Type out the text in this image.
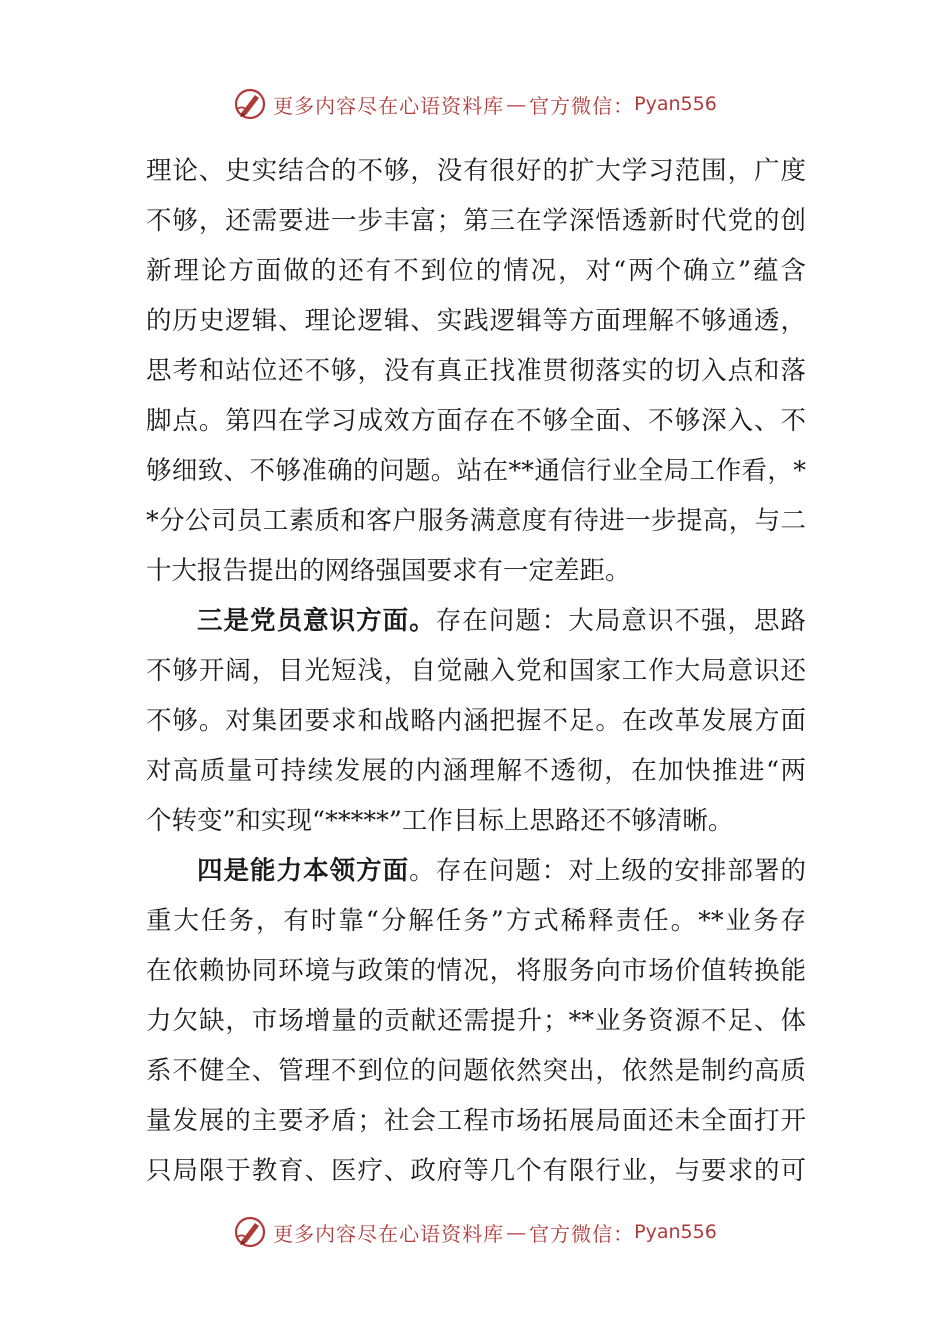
更多内容尽在心语资料库 — 官方微信： Pyan556
理论、史实结合的不够，没有很好的扩大学习范围，广度
不够，还需要进一步丰富；第三在学深悟透新时代党的创
新理论方面做的还有不到位的情况，对“两个确立”蕴含
的历史逻辑、理论逻辑、实践逻辑等方面理解不够通透，
思考和站位还不够，没有真正找准贯彻落实的切入点和落
脚点。第四在学习成效方面存在不够全面、不够深入、不
够细致、不够准确的问题。站在**通信行业全局工作看，*
*分公司员工素质和客户服务满意度有待进一步提高，与二
十大报告提出的网络强国要求有一定差距。
三是党员意识方面。存在问题：大局意识不强，思路
不够开阔，目光短浅，自觉融入党和国家工作大局意识还
不够。对集团要求和战略内涵把握不足。在改革发展方面
对高质量可持续发展的内涵理解不透彻，在加快推进“两
个转变”和实现“*****”工作目标上思路还不够清晰。
四是能力本领方面。存在问题：对上级的安排部署的
重大任务，有时靠“分解任务”方式稀释责任。**业务存
在依赖协同环境与政策的情况，将服务向市场价值转换能
力欠缺，市场增量的贡献还需提升；**业务资源不足、体
系不健全、管理不到位的问题依然突出，依然是制约高质
量发展的主要矛盾；社会工程市场拓展局面还未全面打开
只局限于教育、医疗、政府等几个有限行业，与要求的可
更多内容尽在心语资料库 — 官方微信： Pyan556
